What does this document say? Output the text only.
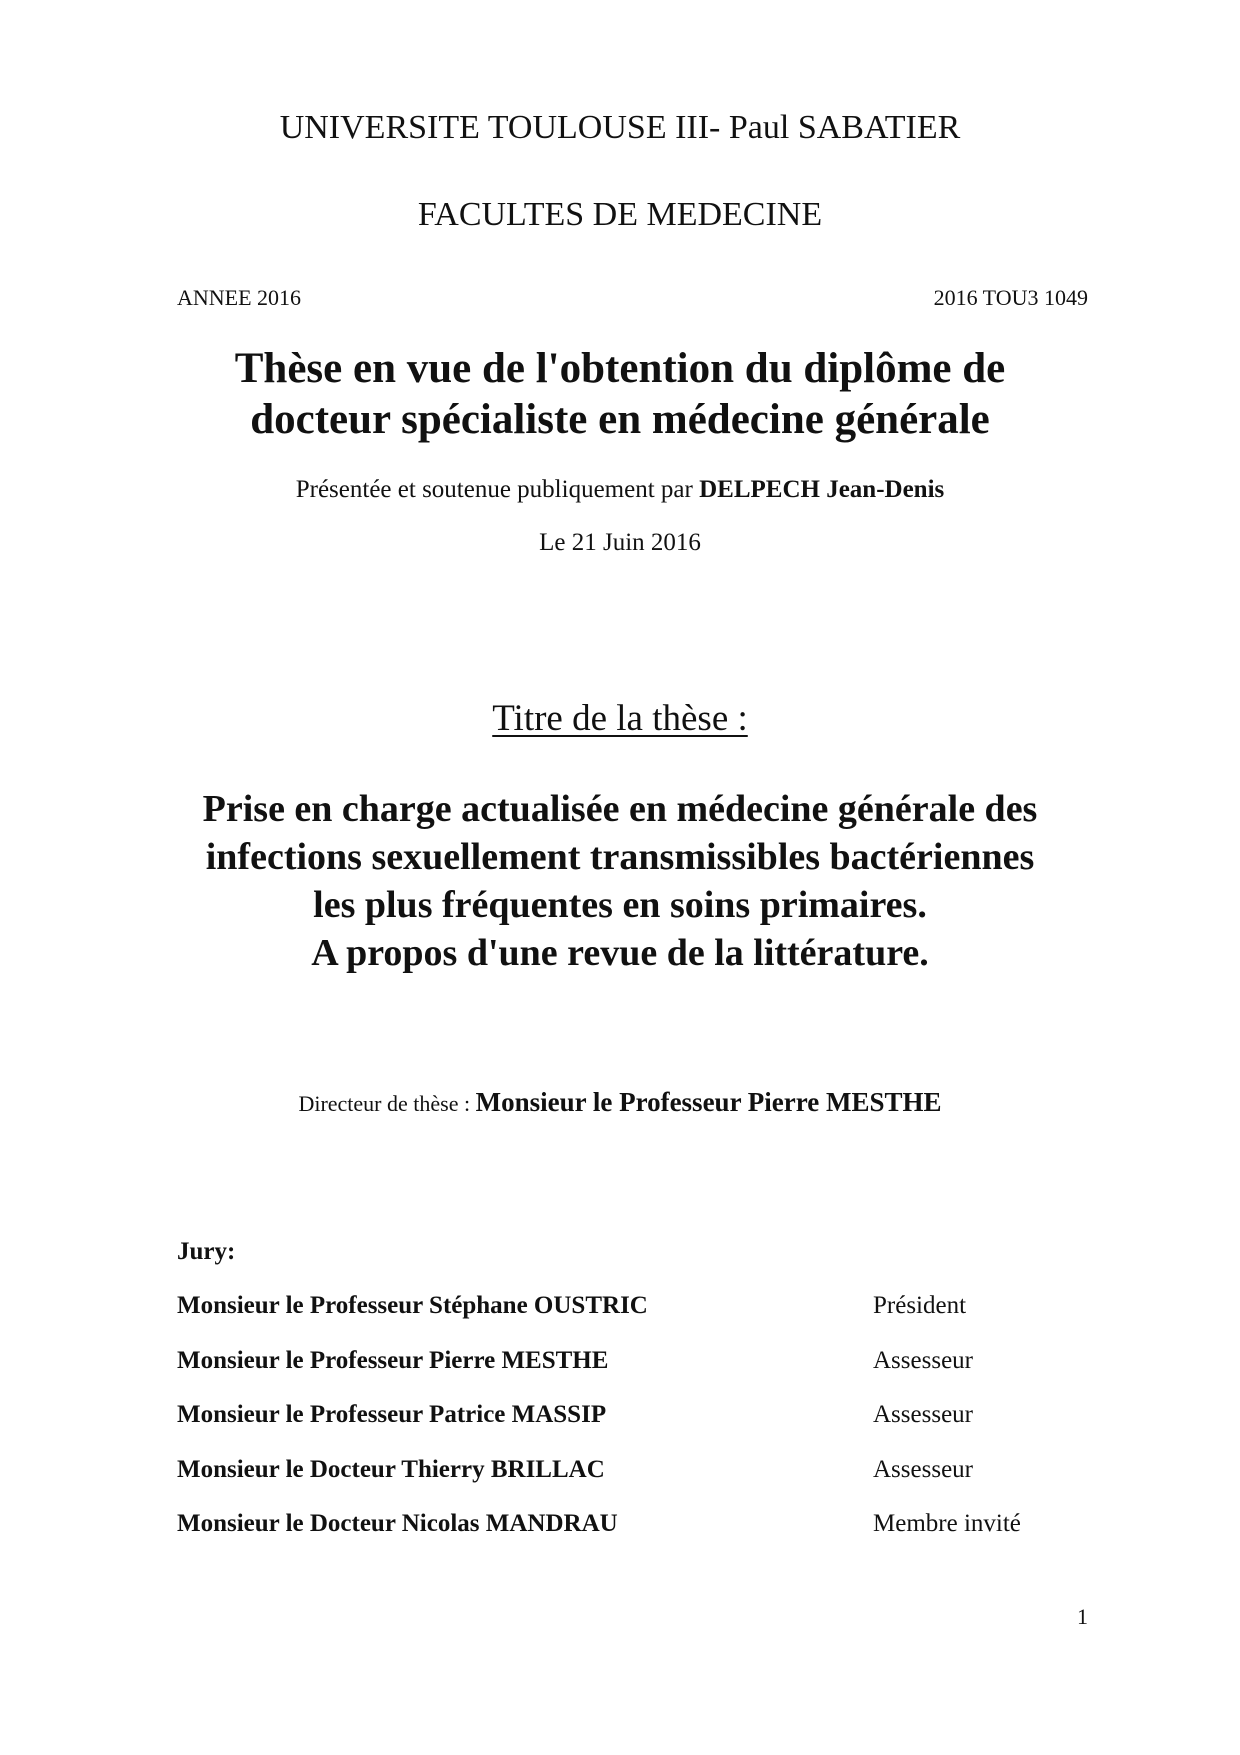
UNIVERSITE TOULOUSE III- Paul SABATIER
FACULTES DE MEDECINE
ANNEE 2016	2016 TOU3 1049
Thèse en vue de l'obtention du diplôme de
docteur spécialiste en médecine générale
Présentée et soutenue publiquement par DELPECH Jean-Denis
Le 21 Juin 2016
Titre de la thèse :
Prise en charge actualisée en médecine générale des
infections sexuellement transmissibles bactériennes
les plus fréquentes en soins primaires.
A propos d'une revue de la littérature.
Directeur de thèse : Monsieur le Professeur Pierre MESTHE
Jury:
Monsieur le Professeur Stéphane OUSTRIC	Président
Monsieur le Professeur Pierre MESTHE	Assesseur
Monsieur le Professeur Patrice MASSIP	Assesseur
Monsieur le Docteur Thierry BRILLAC	Assesseur
Monsieur le Docteur Nicolas MANDRAU	Membre invité
1
